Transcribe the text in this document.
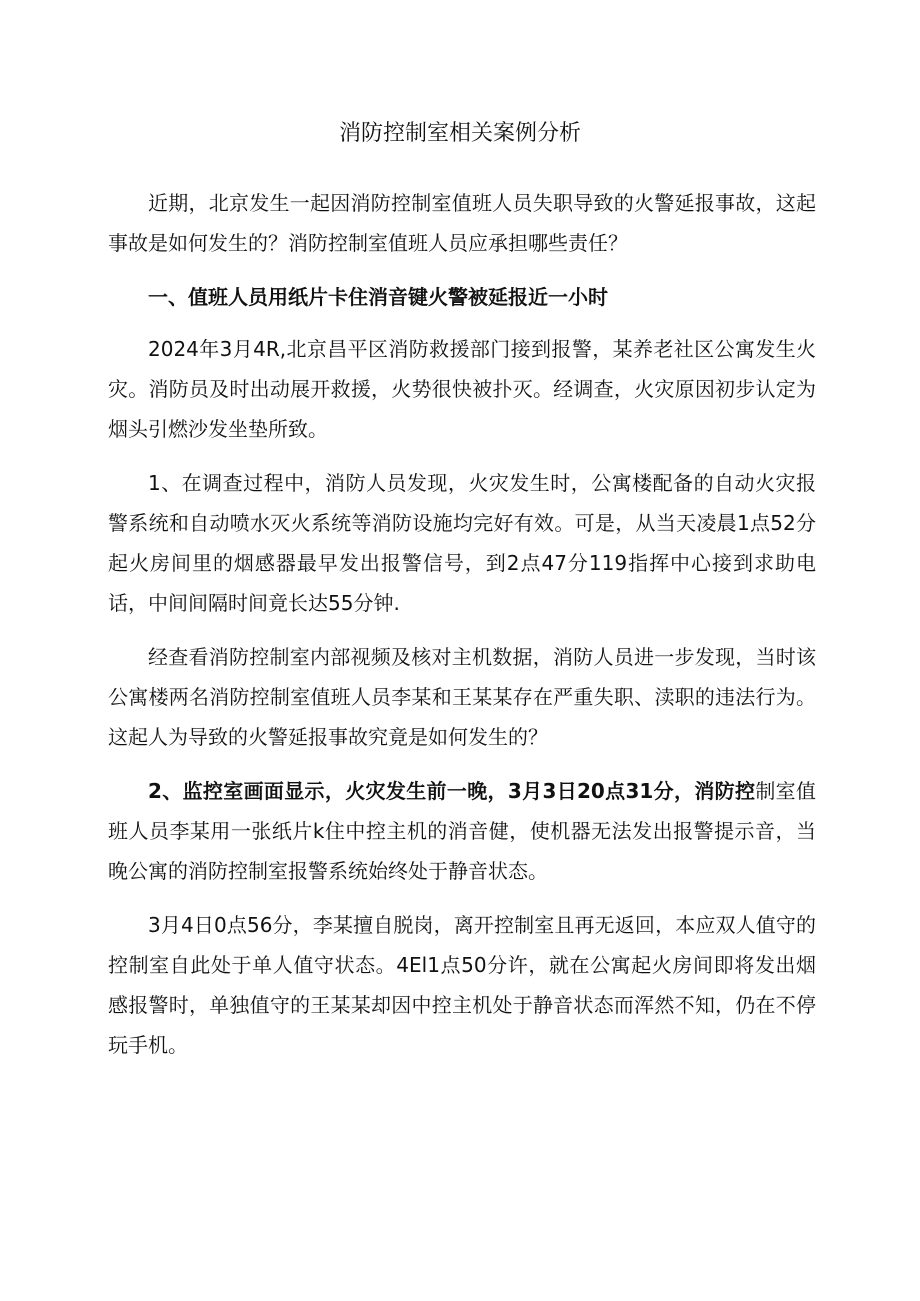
消防控制室相关案例分析

近期，北京发生一起因消防控制室值班人员失职导致的火警延报事故，这起事故是如何发生的？消防控制室值班人员应承担哪些责任？

一、值班人员用纸片卡住消音键火警被延报近一小时

2024年3月4R,北京昌平区消防救援部门接到报警，某养老社区公寓发生火灾。消防员及时出动展开救援，火势很快被扑灭。经调查，火灾原因初步认定为烟头引燃沙发坐垫所致。

1、在调查过程中，消防人员发现，火灾发生时，公寓楼配备的自动火灾报警系统和自动喷水灭火系统等消防设施均完好有效。可是，从当天凌晨1点52分起火房间里的烟感器最早发出报警信号，到2点47分119指挥中心接到求助电话，中间间隔时间竟长达55分钟.

经查看消防控制室内部视频及核对主机数据，消防人员进一步发现，当时该公寓楼两名消防控制室值班人员李某和王某某存在严重失职、渎职的违法行为。这起人为导致的火警延报事故究竟是如何发生的？

2、监控室画面显示，火灾发生前一晚，3月3日20点31分，消防控制室值班人员李某用一张纸片k住中控主机的消音健，使机器无法发出报警提示音，当晚公寓的消防控制室报警系统始终处于静音状态。

3月4日0点56分，李某擅自脱岗，离开控制室且再无返回，本应双人值守的控制室自此处于单人值守状态。4El1点50分许，就在公寓起火房间即将发出烟感报警时，单独值守的王某某却因中控主机处于静音状态而浑然不知，仍在不停玩手机。
